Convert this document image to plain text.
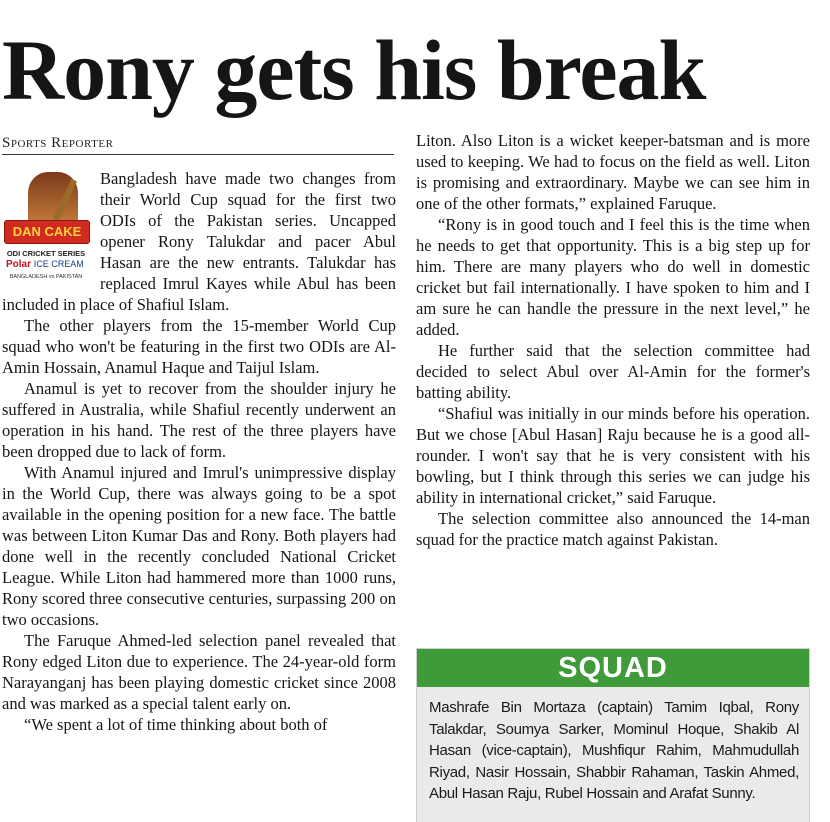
Rony gets his break
Sports Reporter
DAN CAKE
ODI CRICKET SERIES
Polar ICE CREAM
BANGLADESH vs PAKISTAN

Bangladesh have made two changes from their World Cup squad for the first two ODIs of the Pakistan series. Uncapped opener Rony Talukdar and pacer Abul Hasan are the new entrants. Talukdar has replaced Imrul Kayes while Abul has been included in place of Shafiul Islam.

The other players from the 15-member World Cup squad who won't be featuring in the first two ODIs are Al-Amin Hossain, Anamul Haque and Taijul Islam.

Anamul is yet to recover from the shoulder injury he suffered in Australia, while Shafiul recently underwent an operation in his hand. The rest of the three players have been dropped due to lack of form.

With Anamul injured and Imrul's unimpressive display in the World Cup, there was always going to be a spot available in the opening position for a new face. The battle was between Liton Kumar Das and Rony. Both players had done well in the recently concluded National Cricket League. While Liton had hammered more than 1000 runs, Rony scored three consecutive centuries, surpassing 200 on two occasions.

The Faruque Ahmed-led selection panel revealed that Rony edged Liton due to experience. The 24-year-old form Narayanganj has been playing domestic cricket since 2008 and was marked as a special talent early on.

“We spent a lot of time thinking about both of

Liton. Also Liton is a wicket keeper-batsman and is more used to keeping. We had to focus on the field as well. Liton is promising and extraordinary. Maybe we can see him in one of the other formats,” explained Faruque.

“Rony is in good touch and I feel this is the time when he needs to get that opportunity. This is a big step up for him. There are many players who do well in domestic cricket but fail internationally. I have spoken to him and I am sure he can handle the pressure in the next level,” he added.

He further said that the selection committee had decided to select Abul over Al-Amin for the former's batting ability.

“Shafiul was initially in our minds before his operation. But we chose [Abul Hasan] Raju because he is a good all-rounder. I won't say that he is very consistent with his bowling, but I think through this series we can judge his ability in international cricket,” said Faruque.

The selection committee also announced the 14-man squad for the practice match against Pakistan.

SQUAD
Mashrafe Bin Mortaza (captain) Tamim Iqbal, Rony Talakdar, Soumya Sarker, Mominul Hoque, Shakib Al Hasan (vice-captain), Mushfiqur Rahim, Mahmudullah Riyad, Nasir Hossain, Shabbir Rahaman, Taskin Ahmed, Abul Hasan Raju, Rubel Hossain and Arafat Sunny.
